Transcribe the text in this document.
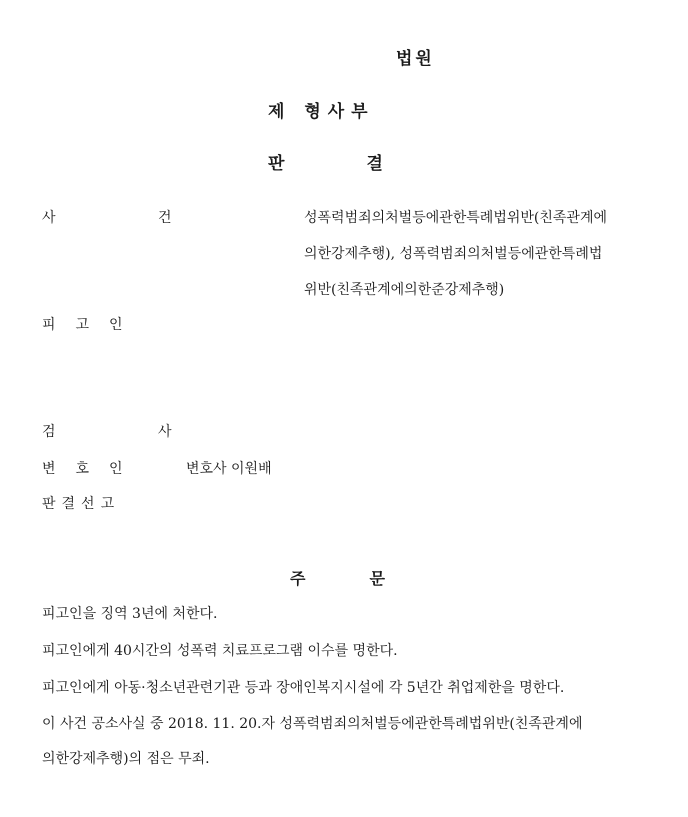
법원
제 형사부
판	결
사 건	성폭력범죄의처벌등에관한특례법위반(친족관계에
의한강제추행), 성폭력범죄의처벌등에관한특례법
위반(친족관계에의한준강제추행)
피고인
검 사
변호인	변호사 이원배
판결선고
주	문
피고인을 징역 3년에 처한다.
피고인에게 40시간의 성폭력 치료프로그램 이수를 명한다.
피고인에게 아동·청소년관련기관 등과 장애인복지시설에 각 5년간 취업제한을 명한다.
이 사건 공소사실 중 2018. 11. 20.자 성폭력범죄의처벌등에관한특례법위반(친족관계에
의한강제추행)의 점은 무죄.
